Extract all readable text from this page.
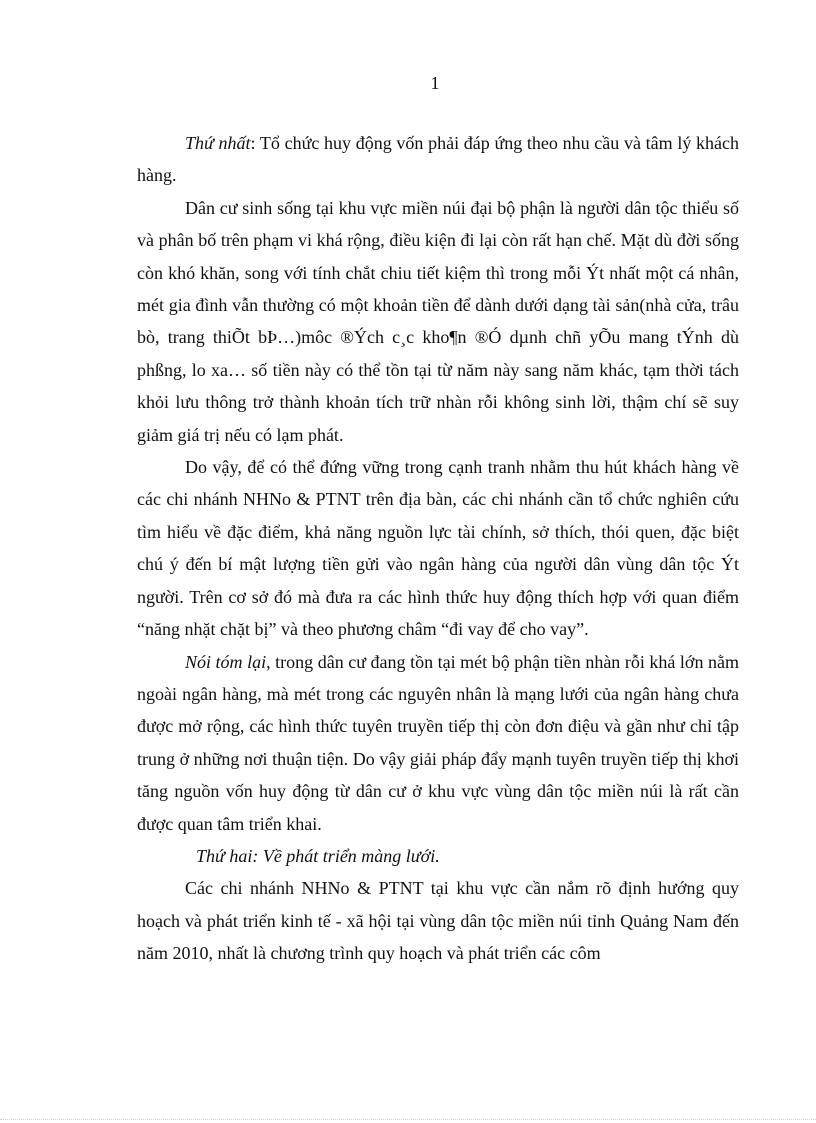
1

Thứ nhất: Tổ chức huy động vốn phải đáp ứng theo nhu cầu và tâm lý khách hàng.

Dân cư sinh sống tại khu vực miền núi đại bộ phận là người dân tộc thiểu số và phân bố trên phạm vi khá rộng, điều kiện đi lại còn rất hạn chế. Mặt dù đời sống còn khó khăn, song với tính chắt chiu tiết kiệm thì trong mỗi Ýt nhất một cá nhân, mét gia đình vẫn thường có một khoản tiền để dành dưới dạng tài sản(nhà cửa, trâu bò, trang thiÕt bÞ…)môc ®Ých c¸c kho¶n ®Ó dµnh chñ yÕu mang tÝnh dù phßng, lo xa… số tiền này có thể tồn tại từ năm này sang năm khác, tạm thời tách khỏi lưu thông trở thành khoản tích trữ nhàn rỗi không sinh lời, thậm chí sẽ suy giảm giá trị nếu có lạm phát.

Do vậy, để có thể đứng vững trong cạnh tranh nhằm thu hút khách hàng về các chi nhánh NHNo & PTNT trên địa bàn, các chi nhánh cần tổ chức nghiên cứu tìm hiểu về đặc điểm, khả năng nguồn lực tài chính, sở thích, thói quen, đặc biệt chú ý đến bí mật lượng tiền gửi vào ngân hàng của người dân vùng dân tộc Ýt người. Trên cơ sở đó mà đưa ra các hình thức huy động thích hợp với quan điểm “năng nhặt chặt bị” và theo phương châm “đi vay để cho vay”.

Nói tóm lại, trong dân cư đang tồn tại mét bộ phận tiền nhàn rỗi khá lớn nằm ngoài ngân hàng, mà mét trong các nguyên nhân là mạng lưới của ngân hàng chưa được mở rộng, các hình thức tuyên truyền tiếp thị còn đơn điệu và gần như chỉ tập trung ở những nơi thuận tiện. Do vậy giải pháp đẩy mạnh tuyên truyền tiếp thị khơi tăng nguồn vốn huy động từ dân cư ở khu vực vùng dân tộc miền núi là rất cần được quan tâm triển khai.

Thứ hai: Về phát triển màng lưới.

Các chi nhánh NHNo & PTNT tại khu vực cần nắm rõ định hướng quy hoạch và phát triển kinh tế - xã hội tại vùng dân tộc miền núi tỉnh Quảng Nam đến năm 2010, nhất là chương trình quy hoạch và phát triển các côm
